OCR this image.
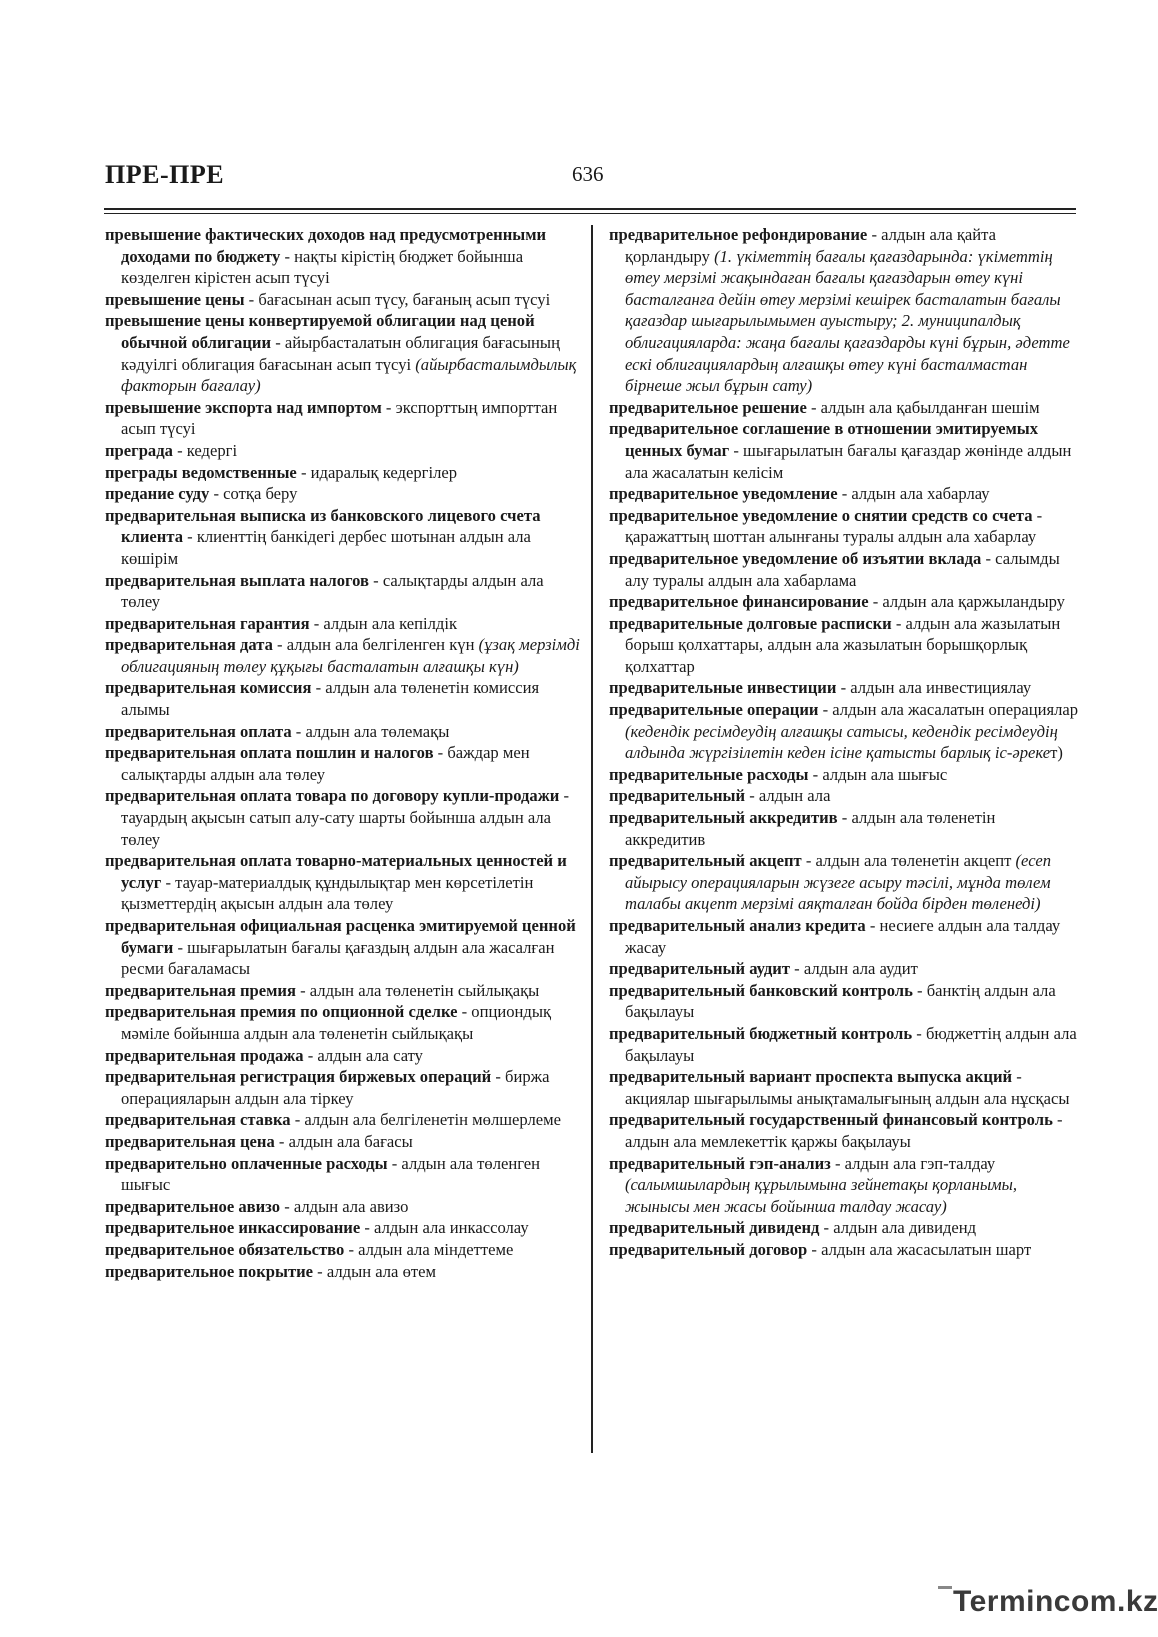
ПРЕ-ПРЕ	636
превышение фактических доходов над предусмотренными доходами по бюджету - нақты кірістің бюджет бойынша көзделген кірістен асып түсуі
превышение цены - бағасынан асып түсу, бағаның асып түсуі
превышение цены конвертируемой облигации над ценой обычной облигации - айырбасталатын облигация бағасының кәдуілгі облигация бағасынан асып түсуі (айырбасталымдылық факторын бағалау)
превышение экспорта над импортом - экспорттың импорттан асып түсуі
преграда - кедергі
преграды ведомственные - идаралық кедергілер
предание суду - сотқа беру
предварительная выписка из банковского лицевого счета клиента - клиенттің банкідегі дербес шотынан алдын ала көшірім
предварительная выплата налогов - салықтарды алдын ала төлеу
предварительная гарантия - алдын ала кепілдік
предварительная дата - алдын ала белгіленген күн (ұзақ мерзімді облигацияның төлеу құқығы басталатын алғашқы күн)
предварительная комиссия - алдын ала төленетін комиссия алымы
предварительная оплата - алдын ала төлемақы
предварительная оплата пошлин и налогов - баждар мен салықтарды алдын ала төлеу
предварительная оплата товара по договору купли-продажи - тауардың ақысын сатып алу-сату шарты бойынша алдын ала төлеу
предварительная оплата товарно-материальных ценностей и услуг - тауар-материалдық құндылықтар мен көрсетілетін қызметтердің ақысын алдын ала төлеу
предварительная официальная расценка эмитируемой ценной бумаги - шығарылатын бағалы қағаздың алдын ала жасалған ресми бағаламасы
предварительная премия - алдын ала төленетін сыйлықақы
предварительная премия по опционной сделке - опциондық мәміле бойынша алдын ала төленетін сыйлықақы
предварительная продажа - алдын ала сату
предварительная регистрация биржевых операций - биржа операцияларын алдын ала тіркеу
предварительная ставка - алдын ала белгіленетін мөлшерлеме
предварительная цена - алдын ала бағасы
предварительно оплаченные расходы - алдын ала төленген шығыс
предварительное авизо - алдын ала авизо
предварительное инкассирование - алдын ала инкассолау
предварительное обязательство - алдын ала міндеттеме
предварительное покрытие - алдын ала өтем
предварительное рефондирование - алдын ала қайта қорландыру (1. үкіметтің бағалы қағаздарында: үкіметтің өтеу мерзімі жақындаған бағалы қағаздарын өтеу күні басталғанға дейін өтеу мерзімі кешірек басталатын бағалы қағаздар шығарылымымен ауыстыру; 2. муниципалдық облигацияларда: жаңа бағалы қағаздарды күні бұрын, әдетте ескі облигациялардың алғашқы өтеу күні басталмастан бірнеше жыл бұрын сату)
предварительное решение - алдын ала қабылданған шешім
предварительное соглашение в отношении эмитируемых ценных бумаг - шығарылатын бағалы қағаздар жөнінде алдын ала жасалатын келісім
предварительное уведомление - алдын ала хабарлау
предварительное уведомление о снятии средств со счета - қаражаттың шоттан алынғаны туралы алдын ала хабарлау
предварительное уведомление об изъятии вклада - салымды алу туралы алдын ала хабарлама
предварительное финансирование - алдын ала қаржыландыру
предварительные долговые расписки - алдын ала жазылатын борыш қолхаттары, алдын ала жазылатын борышқорлық қолхаттар
предварительные инвестиции - алдын ала инвестициялау
предварительные операции - алдын ала жасалатын операциялар (кедендік ресімдеудің алғашқы сатысы, кедендік ресімдеудің алдында жүргізілетін кеден ісіне қатысты барлық іс-әрекет)
предварительные расходы - алдын ала шығыс
предварительный - алдын ала
предварительный аккредитив - алдын ала төленетін аккредитив
предварительный акцепт - алдын ала төленетін акцепт (есеп айырысу операцияларын жүзеге асыру тәсілі, мұнда төлем талабы акцепт мерзімі аяқталған бойда бірден төленеді)
предварительный анализ кредита - несиеге алдын ала талдау жасау
предварительный аудит - алдын ала аудит
предварительный банковский контроль - банктің алдын ала бақылауы
предварительный бюджетный контроль - бюджеттің алдын ала бақылауы
предварительный вариант проспекта выпуска акций - акциялар шығарылымы анықтамалығының алдын ала нұсқасы
предварительный государственный финансовый контроль - алдын ала мемлекеттік қаржы бақылауы
предварительный гэп-анализ - алдын ала гэп-талдау (салымшылардың құрылымына зейнетақы қорланымы, жынысы мен жасы бойынша талдау жасау)
предварительный дивиденд - алдын ала дивиденд
предварительный договор - алдын ала жасасылатын шарт
Termincom.kz
